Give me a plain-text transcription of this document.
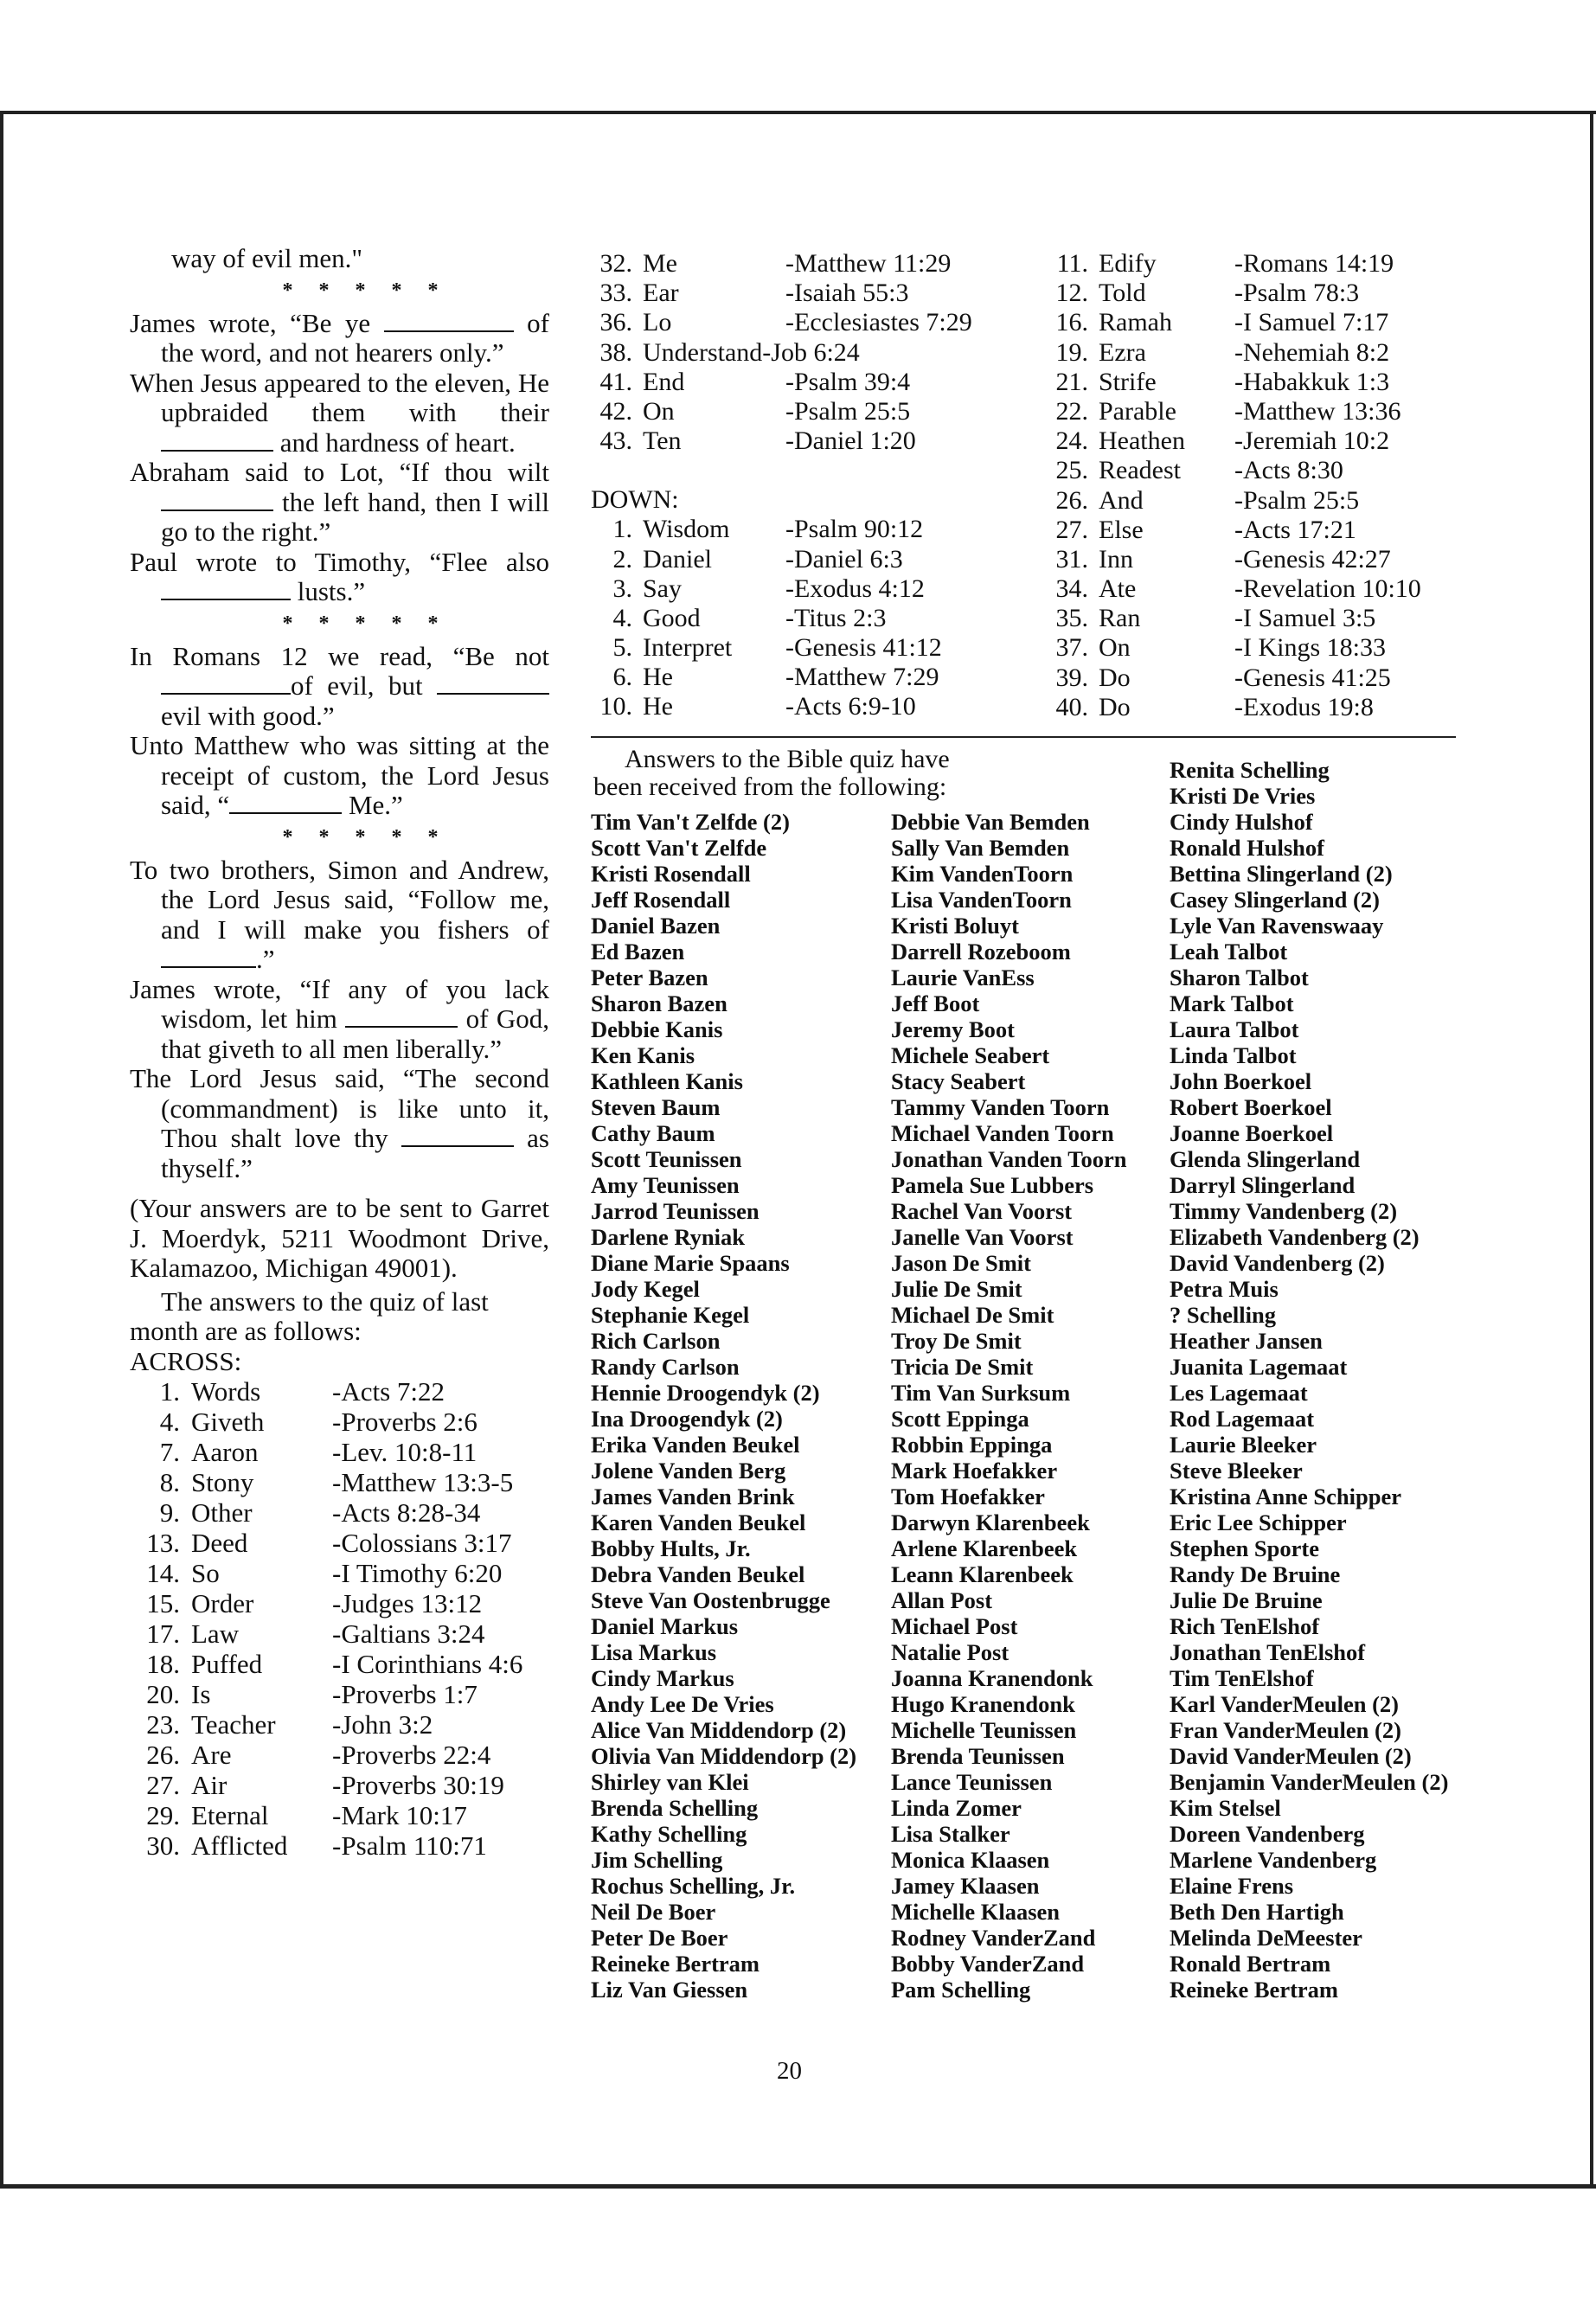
way of evil men."

* * * * *

James wrote, “Be ye	of the word, and not hearers only.”

When Jesus appeared to the eleven, He upbraided them with their  and hardness of heart.

Abraham said to Lot, “If thou wilt  the left hand, then I will go to the right.”

Paul wrote to Timothy, “Flee also  lusts.”

* * * * *

In Romans 12 we read, “Be not of evil, but  evil with good.”

Unto Matthew who was sitting at the receipt of custom, the Lord Jesus said, “	Me.”

* * * * *

To two brothers, Simon and Andrew, the Lord Jesus said, “Follow me, and I will make you fishers of .”

James wrote, “If any of you lack wisdom, let him	of God, that giveth to all men liberally.”

The Lord Jesus said, “The second (commandment) is like unto it, Thou shalt love thy	as thyself.”

(Your answers are to be sent to Garret J. Moerdyk, 5211 Woodmont Drive, Kalamazoo, Michigan 49001).

The answers to the quiz of last month are as follows:

ACROSS:

1. Words	-Acts 7:22
4. Giveth	-Proverbs 2:6
7. Aaron	-Lev. 10:8-11
8. Stony	-Matthew 13:3-5
9. Other	-Acts 8:28-34
13. Deed	-Colossians 3:17
14. So	-I Timothy 6:20
15. Order	-Judges 13:12
17. Law	-Galtians 3:24
18. Puffed	-I Corinthians 4:6
20. Is	-Proverbs 1:7
23. Teacher	-John 3:2
26. Are	-Proverbs 22:4
27. Air	-Proverbs 30:19
29. Eternal	-Mark 10:17
30. Afflicted	-Psalm 110:71
32. Me	-Matthew 11:29
33. Ear	-Isaiah 55:3
36. Lo	-Ecclesiastes 7:29
38. Understand -Job 6:24
41. End	-Psalm 39:4
42. On	-Psalm 25:5
43. Ten	-Daniel 1:20
DOWN:
1. Wisdom	-Psalm 90:12
2. Daniel	-Daniel 6:3
3. Say	-Exodus 4:12
4. Good	-Titus 2:3
5. Interpret	-Genesis 41:12
6. He	-Matthew 7:29
10. He	-Acts 6:9-10
11. Edify	-Romans 14:19
12. Told	-Psalm 78:3
16. Ramah	-I Samuel 7:17
19. Ezra	-Nehemiah 8:2
21. Strife	-Habakkuk 1:3
22. Parable	-Matthew 13:36
24. Heathen	-Jeremiah 10:2
25. Readest	-Acts 8:30
26. And	-Psalm 25:5
27. Else	-Acts 17:21
31. Inn	-Genesis 42:27
34. Ate	-Revelation 10:10
35. Ran	-I Samuel 3:5
37. On	-I Kings 18:33
39. Do	-Genesis 41:25
40. Do	-Exodus 19:8
Answers to the Bible quiz have
been received from the following:
Tim Van't Zelfde (2)
Scott Van't Zelfde
Kristi Rosendall
Jeff Rosendall
Daniel Bazen
Ed Bazen
Peter Bazen
Sharon Bazen
Debbie Kanis
Ken Kanis
Kathleen Kanis
Steven Baum
Cathy Baum
Scott Teunissen
Amy Teunissen
Jarrod Teunissen
Darlene Ryniak
Diane Marie Spaans
Jody Kegel
Stephanie Kegel
Rich Carlson
Randy Carlson
Hennie Droogendyk (2)
Ina Droogendyk (2)
Erika Vanden Beukel
Jolene Vanden Berg
James Vanden Brink
Karen Vanden Beukel
Bobby Hults, Jr.
Debra Vanden Beukel
Steve Van Oostenbrugge
Daniel Markus
Lisa Markus
Cindy Markus
Andy Lee De Vries
Alice Van Middendorp (2)
Olivia Van Middendorp (2)
Shirley van Klei
Brenda Schelling
Kathy Schelling
Jim Schelling
Rochus Schelling, Jr.
Neil De Boer
Peter De Boer
Reineke Bertram
Liz Van Giessen
Debbie Van Bemden
Sally Van Bemden
Kim VandenToorn
Lisa VandenToorn
Kristi Boluyt
Darrell Rozeboom
Laurie VanEss
Jeff Boot
Jeremy Boot
Michele Seabert
Stacy Seabert
Tammy Vanden Toorn
Michael Vanden Toorn
Jonathan Vanden Toorn
Pamela Sue Lubbers
Rachel Van Voorst
Janelle Van Voorst
Jason De Smit
Julie De Smit
Michael De Smit
Troy De Smit
Tricia De Smit
Tim Van Surksum
Scott Eppinga
Robbin Eppinga
Mark Hoefakker
Tom Hoefakker
Darwyn Klarenbeek
Arlene Klarenbeek
Leann Klarenbeek
Allan Post
Michael Post
Natalie Post
Joanna Kranendonk
Hugo Kranendonk
Michelle Teunissen
Brenda Teunissen
Lance Teunissen
Linda Zomer
Lisa Stalker
Monica Klaasen
Jamey Klaasen
Michelle Klaasen
Rodney VanderZand
Bobby VanderZand
Pam Schelling
Renita Schelling
Kristi De Vries
Cindy Hulshof
Ronald Hulshof
Bettina Slingerland (2)
Casey Slingerland (2)
Lyle Van Ravenswaay
Leah Talbot
Sharon Talbot
Mark Talbot
Laura Talbot
Linda Talbot
John Boerkoel
Robert Boerkoel
Joanne Boerkoel
Glenda Slingerland
Darryl Slingerland
Timmy Vandenberg (2)
Elizabeth Vandenberg (2)
David Vandenberg (2)
Petra Muis
? Schelling
Heather Jansen
Juanita Lagemaat
Les Lagemaat
Rod Lagemaat
Laurie Bleeker
Steve Bleeker
Kristina Anne Schipper
Eric Lee Schipper
Stephen Sporte
Randy De Bruine
Julie De Bruine
Rich TenElshof
Jonathan TenElshof
Tim TenElshof
Karl VanderMeulen (2)
Fran VanderMeulen (2)
David VanderMeulen (2)
Benjamin VanderMeulen (2)
Kim Stelsel
Doreen Vandenberg
Marlene Vandenberg
Elaine Frens
Beth Den Hartigh
Melinda DeMeester
Ronald Bertram
Reineke Bertram
20
